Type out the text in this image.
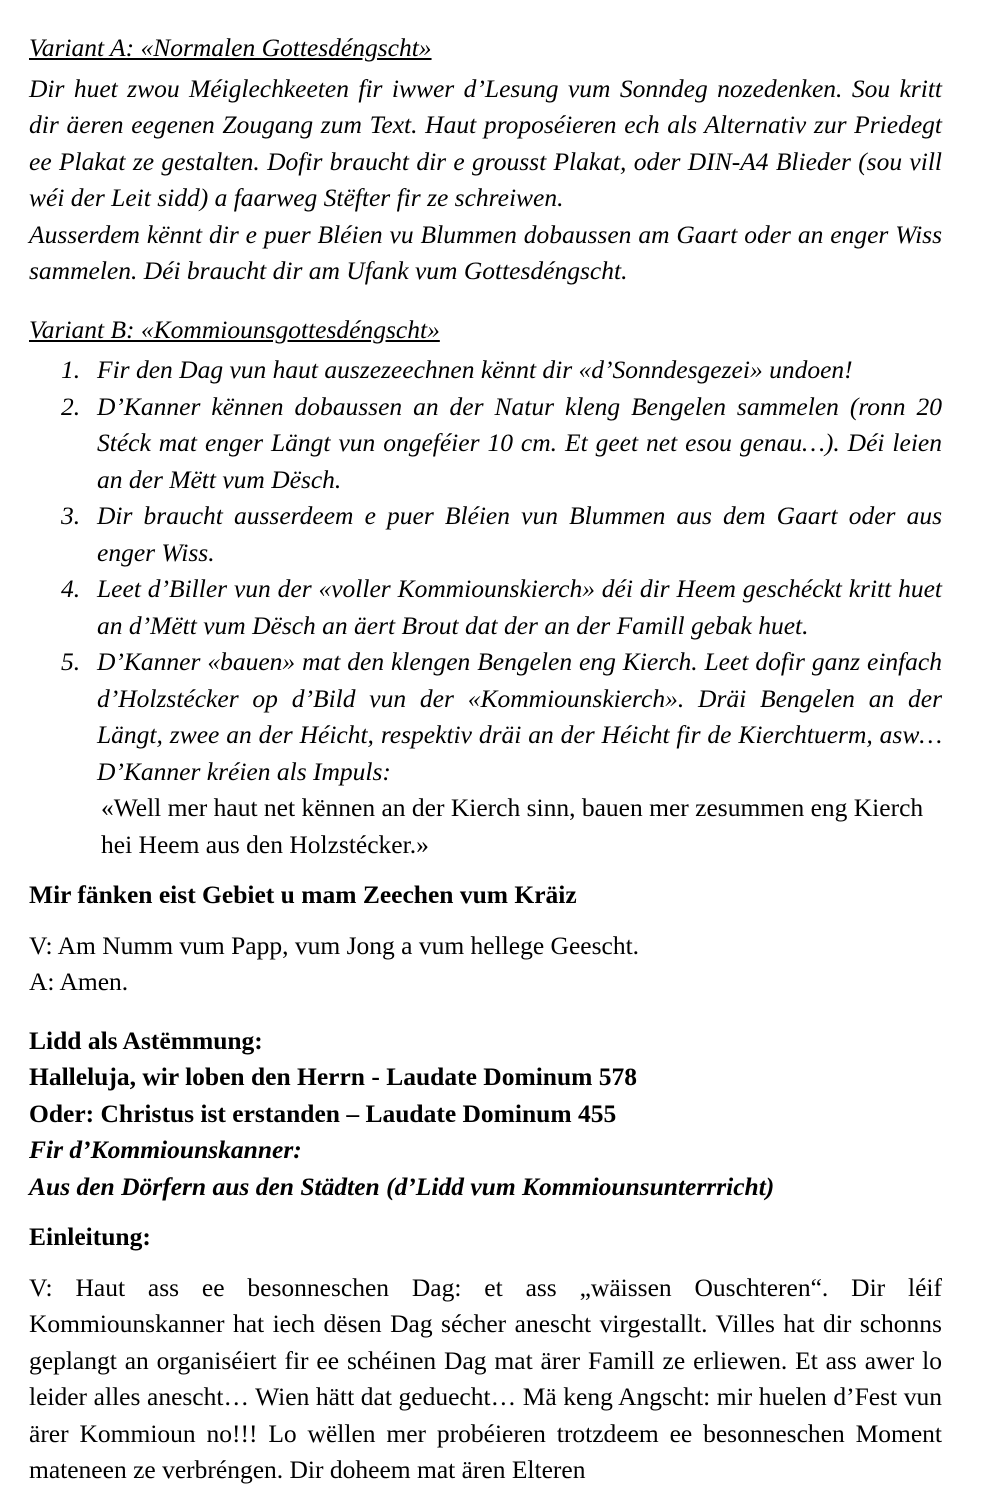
Variant A: «Normalen Gottesdéngscht»

Dir huet zwou Méiglechkeeten fir iwwer d’Lesung vum Sonndeg nozedenken. Sou kritt dir äeren eegenen Zougang zum Text. Haut proposéieren ech als Alternativ zur Priedegt ee Plakat ze gestalten. Dofir braucht dir e grousst Plakat, oder DIN-A4 Blieder (sou vill wéi der Leit sidd) a faarweg Stëfter fir ze schreiwen.

Ausserdem kënnt dir e puer Bléien vu Blummen dobaussen am Gaart oder an enger Wiss sammelen. Déi braucht dir am Ufank vum Gottesdéngscht.

Variant B: «Kommiounsgottesdéngscht»
Fir den Dag vun haut auszezeechnen kënnt dir «d’Sonndesgezei» undoen!
D’Kanner kënnen dobaussen an der Natur kleng Bengelen sammelen (ronn 20 Stéck mat enger Längt vun ongeféier 10 cm. Et geet net esou genau…). Déi leien an der Mëtt vum Dësch.
Dir braucht ausserdeem e puer Bléien vun Blummen aus dem Gaart oder aus enger Wiss.
Leet d’Biller vun der «voller Kommiounskierch» déi dir Heem geschéckt kritt huet an d’Mëtt vum Dësch an äert Brout dat der an der Famill gebak huet.
D’Kanner «bauen» mat den klengen Bengelen eng Kierch. Leet dofir ganz einfach d’Holzstécker op d’Bild vun der «Kommiounskierch». Dräi Bengelen an der Längt, zwee an der Héicht, respektiv dräi an der Héicht fir de Kierchtuerm, asw… D’Kanner kréien als Impuls:
«Well mer haut net kënnen an der Kierch sinn, bauen mer zesummen eng Kierch hei Heem aus den Holzstécker.»

Mir fänken eist Gebiet u mam Zeechen vum Kräiz

V: Am Numm vum Papp, vum Jong a vum hellege Geescht.

A: Amen.

Lidd als Astëmmung:

Halleluja, wir loben den Herrn - Laudate Dominum 578

Oder: Christus ist erstanden – Laudate Dominum 455

Fir d’Kommiounskanner:

Aus den Dörfern aus den Städten (d’Lidd vum Kommiounsunterrricht)

Einleitung:

V: Haut ass ee besonneschen Dag: et ass „wäissen Ouschteren“. Dir léif Kommiounskanner hat iech dësen Dag sécher anescht virgestallt. Villes hat dir schonns geplangt an organiséiert fir ee schéinen Dag mat ärer Famill ze erliewen. Et ass awer lo leider alles anescht… Wien hätt dat geduecht… Mä keng Angscht: mir huelen d’Fest vun ärer Kommioun no!!! Lo wëllen mer probéieren trotzdeem ee besonneschen Moment mateneen ze verbréngen. Dir doheem mat ären Elteren
